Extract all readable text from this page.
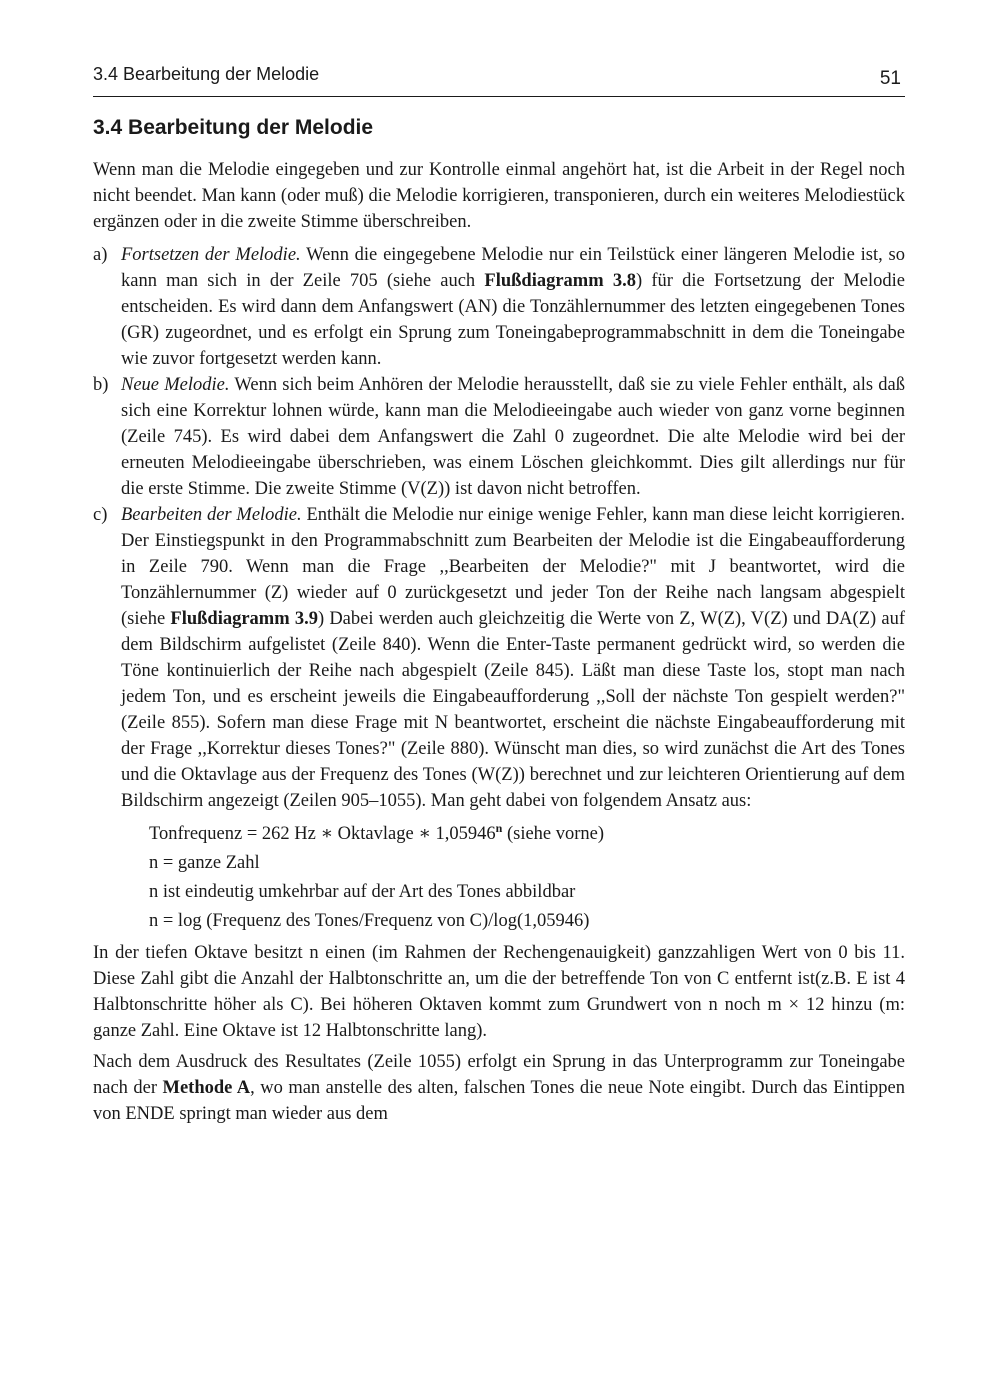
3.4 Bearbeitung der Melodie	51
3.4 Bearbeitung der Melodie

Wenn man die Melodie eingegeben und zur Kontrolle einmal angehört hat, ist die Arbeit in der Regel noch nicht beendet. Man kann (oder muß) die Melodie korrigieren, transponieren, durch ein weiteres Melodiestück ergänzen oder in die zweite Stimme überschreiben.

a) Fortsetzen der Melodie. Wenn die eingegebene Melodie nur ein Teilstück einer längeren Melodie ist, so kann man sich in der Zeile 705 (siehe auch Flußdiagramm 3.8) für die Fortsetzung der Melodie entscheiden. Es wird dann dem Anfangswert (AN) die Tonzählernummer des letzten eingegebenen Tones (GR) zugeordnet, und es erfolgt ein Sprung zum Toneingabeprogrammabschnitt in dem die Toneingabe wie zuvor fortgesetzt werden kann.
b) Neue Melodie. Wenn sich beim Anhören der Melodie herausstellt, daß sie zu viele Fehler enthält, als daß sich eine Korrektur lohnen würde, kann man die Melodieeingabe auch wieder von ganz vorne beginnen (Zeile 745). Es wird dabei dem Anfangswert die Zahl 0 zugeordnet. Die alte Melodie wird bei der erneuten Melodieeingabe überschrieben, was einem Löschen gleichkommt. Dies gilt allerdings nur für die erste Stimme. Die zweite Stimme (V(Z)) ist davon nicht betroffen.
c) Bearbeiten der Melodie. Enthält die Melodie nur einige wenige Fehler, kann man diese leicht korrigieren. Der Einstiegspunkt in den Programmabschnitt zum Bearbeiten der Melodie ist die Eingabeaufforderung in Zeile 790. Wenn man die Frage ,,Bearbeiten der Melodie?" mit J beantwortet, wird die Tonzählernummer (Z) wieder auf 0 zurückgesetzt und jeder Ton der Reihe nach langsam abgespielt (siehe Flußdiagramm 3.9) Dabei werden auch gleichzeitig die Werte von Z, W(Z), V(Z) und DA(Z) auf dem Bildschirm aufgelistet (Zeile 840). Wenn die Enter-Taste permanent gedrückt wird, so werden die Töne kontinuierlich der Reihe nach abgespielt (Zeile 845). Läßt man diese Taste los, stopt man nach jedem Ton, und es erscheint jeweils die Eingabeaufforderung ,,Soll der nächste Ton gespielt werden?" (Zeile 855). Sofern man diese Frage mit N beantwortet, erscheint die nächste Eingabeaufforderung mit der Frage ,,Korrektur dieses Tones?" (Zeile 880). Wünscht man dies, so wird zunächst die Art des Tones und die Oktavlage aus der Frequenz des Tones (W(Z)) berechnet und zur leichteren Orientierung auf dem Bildschirm angezeigt (Zeilen 905–1055). Man geht dabei von folgendem Ansatz aus:
Tonfrequenz = 262 Hz ∗ Oktavlage ∗ 1,05946$^n$ (siehe vorne)
n = ganze Zahl
n ist eindeutig umkehrbar auf der Art des Tones abbildbar
n = log (Frequenz des Tones/Frequenz von C)/log(1,05946)

In der tiefen Oktave besitzt n einen (im Rahmen der Rechengenauigkeit) ganzzahligen Wert von 0 bis 11. Diese Zahl gibt die Anzahl der Halbtonschritte an, um die der betreffende Ton von C entfernt ist(z.B. E ist 4 Halbtonschritte höher als C). Bei höheren Oktaven kommt zum Grundwert von n noch m × 12 hinzu (m: ganze Zahl. Eine Oktave ist 12 Halbtonschritte lang).

Nach dem Ausdruck des Resultates (Zeile 1055) erfolgt ein Sprung in das Unterprogramm zur Toneingabe nach der Methode A, wo man anstelle des alten, falschen Tones die neue Note eingibt. Durch das Eintippen von ENDE springt man wieder aus dem
